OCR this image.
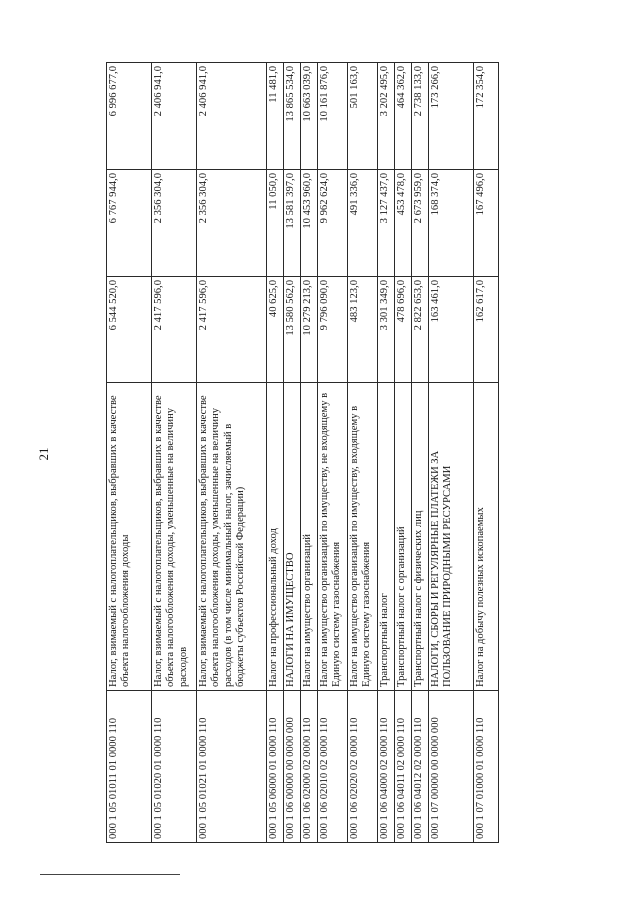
21
000 1 05 01011 01 0000 110	Налог, взимаемый с налогоплательщиков, выбравших в качестве объекта налогообложения доходы	6 544 520,0	6 767 944,0	6 996 677,0
000 1 05 01020 01 0000 110	Налог, взимаемый с налогоплательщиков, выбравших в качестве объекта налогообложения доходы, уменьшенные на величину расходов	2 417 596,0	2 356 304,0	2 406 941,0
000 1 05 01021 01 0000 110	Налог, взимаемый с налогоплательщиков, выбравших в качестве объекта налогообложения доходы, уменьшенные на величину расходов (в том числе минимальный налог, зачисляемый в бюджеты субъектов Российской Федерации)	2 417 596,0	2 356 304,0	2 406 941,0
000 1 05 06000 01 0000 110	Налог на профессиональный доход	40 625,0	11 050,0	11 481,0
000 1 06 00000 00 0000 000	НАЛОГИ НА ИМУЩЕСТВО	13 580 562,0	13 581 397,0	13 865 534,0
000 1 06 02000 02 0000 110	Налог на имущество организаций	10 279 213,0	10 453 960,0	10 663 039,0
000 1 06 02010 02 0000 110	Налог на имущество организаций по имуществу, не входящему в Единую систему газоснабжения	9 796 090,0	9 962 624,0	10 161 876,0
000 1 06 02020 02 0000 110	Налог на имущество организаций по имуществу, входящему в Единую систему газоснабжения	483 123,0	491 336,0	501 163,0
000 1 06 04000 02 0000 110	Транспортный налог	3 301 349,0	3 127 437,0	3 202 495,0
000 1 06 04011 02 0000 110	Транспортный налог с организаций	478 696,0	453 478,0	464 362,0
000 1 06 04012 02 0000 110	Транспортный налог с физических лиц	2 822 653,0	2 673 959,0	2 738 133,0
000 1 07 00000 00 0000 000	НАЛОГИ, СБОРЫ И РЕГУЛЯРНЫЕ ПЛАТЕЖИ ЗА ПОЛЬЗОВАНИЕ ПРИРОДНЫМИ РЕСУРСАМИ	163 461,0	168 374,0	173 266,0
000 1 07 01000 01 0000 110	Налог на добычу полезных ископаемых	162 617,0	167 496,0	172 354,0
